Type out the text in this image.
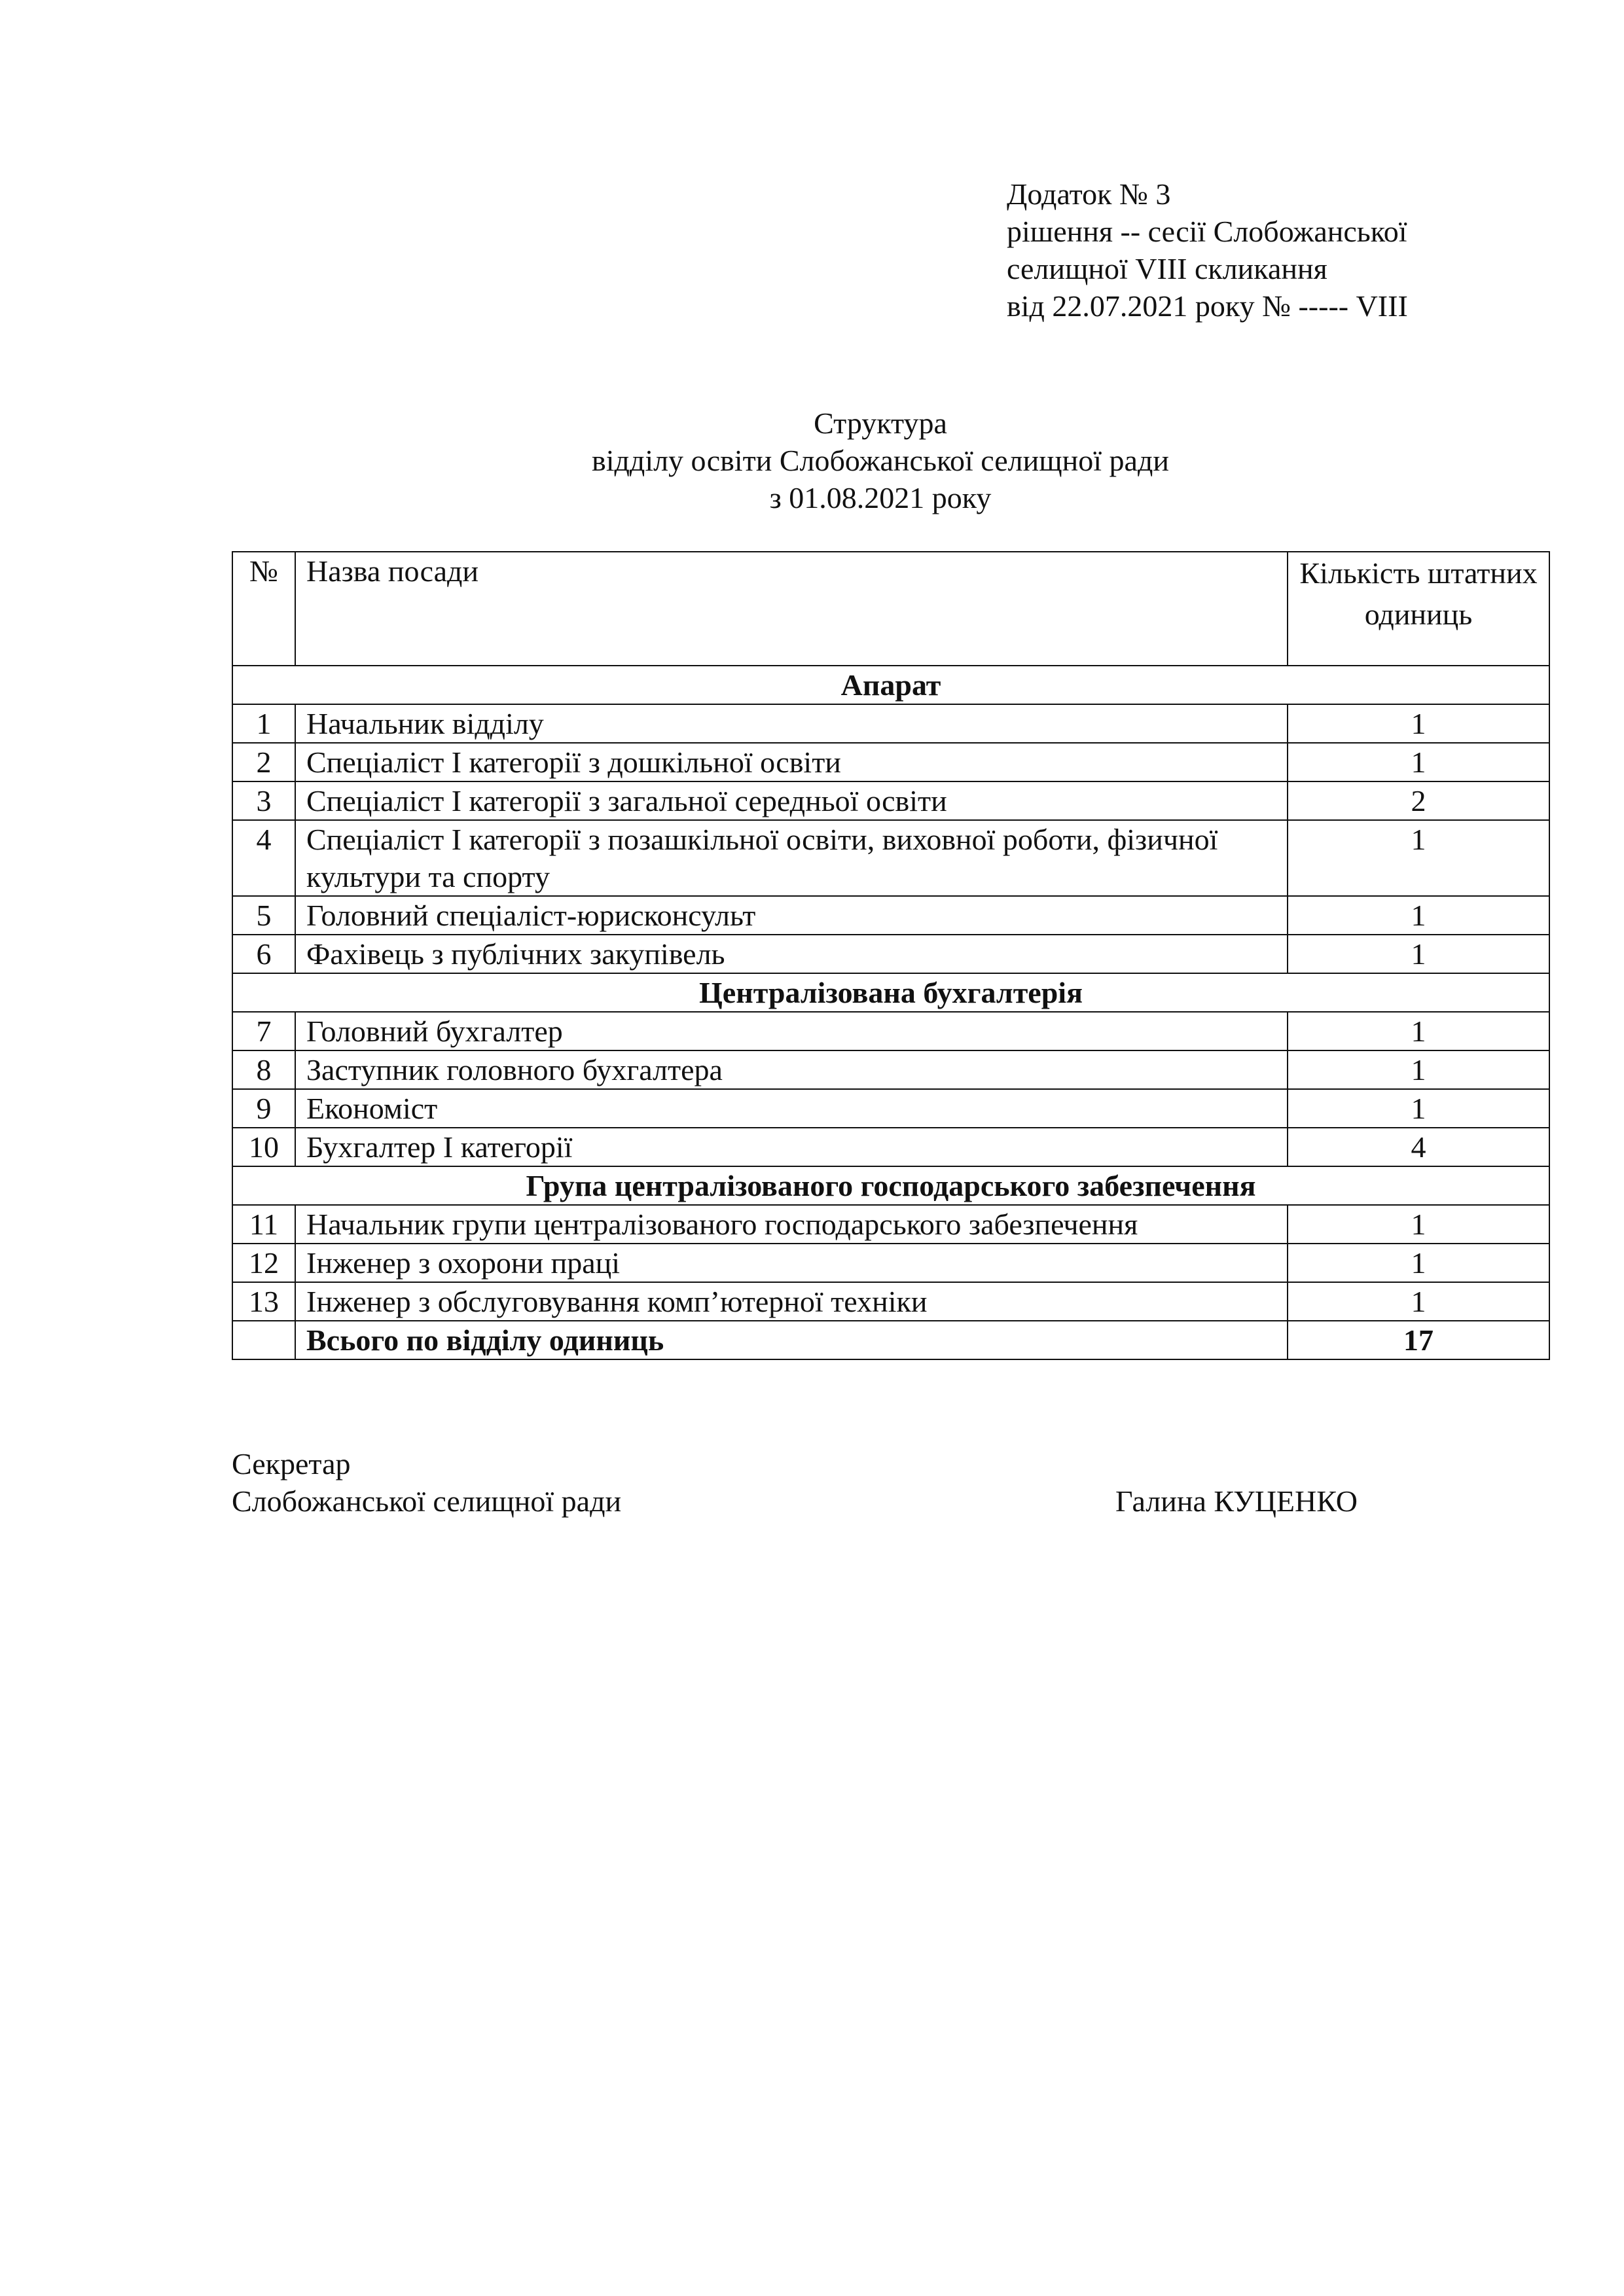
Додаток № 3
рішення -- сесії Слобожанської
селищної VIII скликання
від 22.07.2021 року № ----- VIII
Структура
відділу освіти Слобожанської селищної ради
з 01.08.2021 року
№	Назва посади	Кількість штатних одиниць
Апарат		
1	Начальник відділу	1
2	Спеціаліст І категорії з дошкільної освіти	1
3	Спеціаліст І категорії з загальної середньої освіти	2
4	Спеціаліст І категорії з позашкільної освіти, виховної роботи, фізичної культури та спорту	1
5	Головний спеціаліст-юрисконсульт	1
6	Фахівець з публічних закупівель	1
Централізована бухгалтерія		
7	Головний бухгалтер	1
8	Заступник головного бухгалтера	1
9	Економіст	1
10	Бухгалтер І категорії	4
Група централізованого господарського забезпечення		
11	Начальник групи централізованого господарського забезпечення	1
12	Інженер з охорони праці	1
13	Інженер з обслуговування комп’ютерної техніки	1
	Всього по відділу одиниць	17
Секретар
Слобожанської селищної ради	Галина КУЦЕНКО
